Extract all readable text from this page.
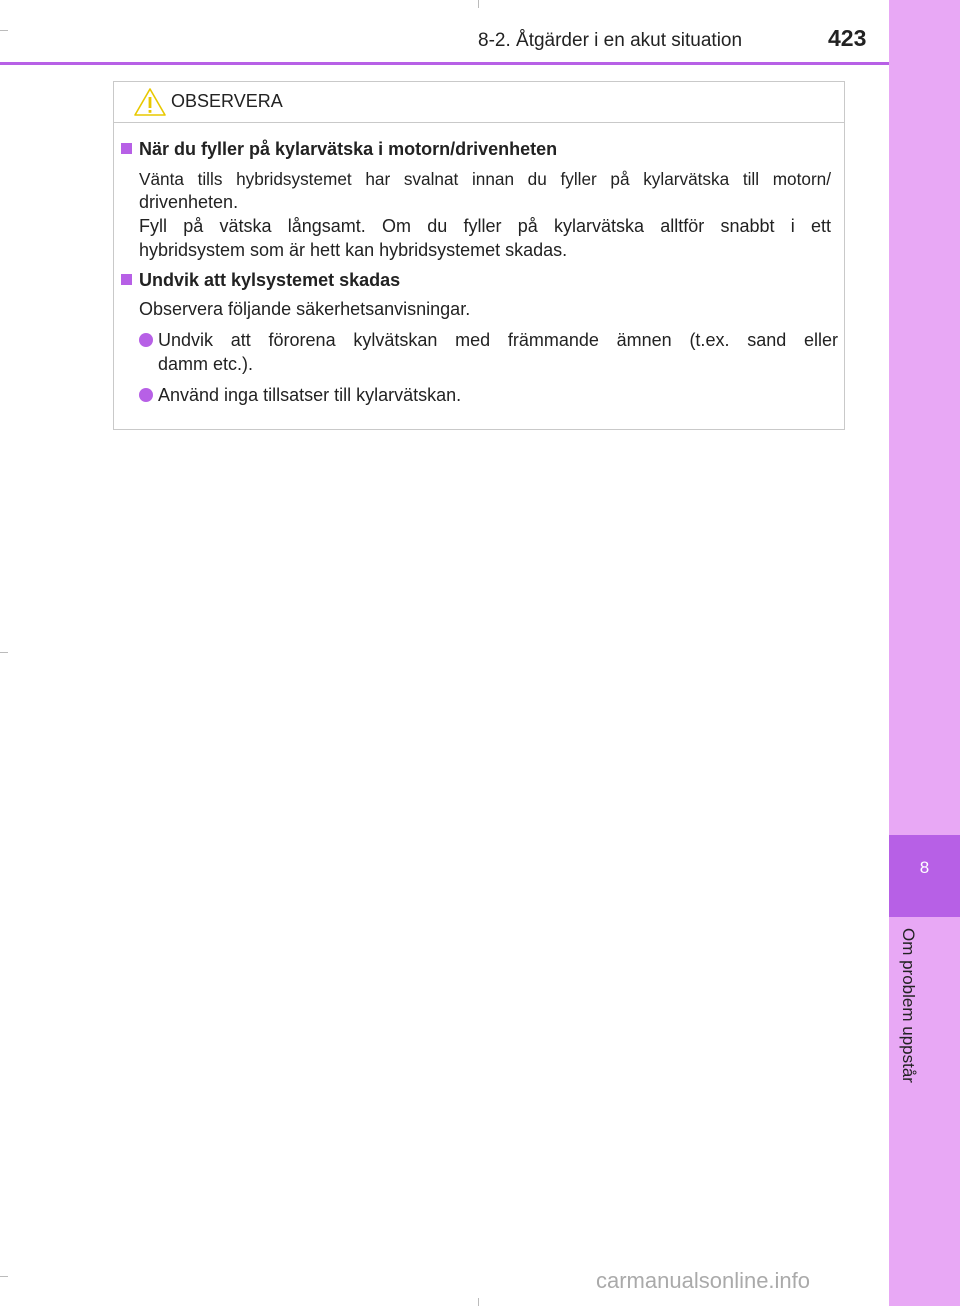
8
Om problem uppstår
8-2. Åtgärder i en akut situation	423
OBSERVERA
När du fyller på kylarvätska i motorn/drivenheten
Vänta tills hybridsystemet har svalnat innan du fyller på kylarvätska till motorn/
drivenheten.
Fyll på vätska långsamt. Om du fyller på kylarvätska alltför snabbt i ett
hybridsystem som är hett kan hybridsystemet skadas.
Undvik att kylsystemet skadas
Observera följande säkerhetsanvisningar.
Undvik att förorena kylvätskan med främmande ämnen (t.ex. sand eller
damm etc.).
Använd inga tillsatser till kylarvätskan.
carmanualsonline.info
